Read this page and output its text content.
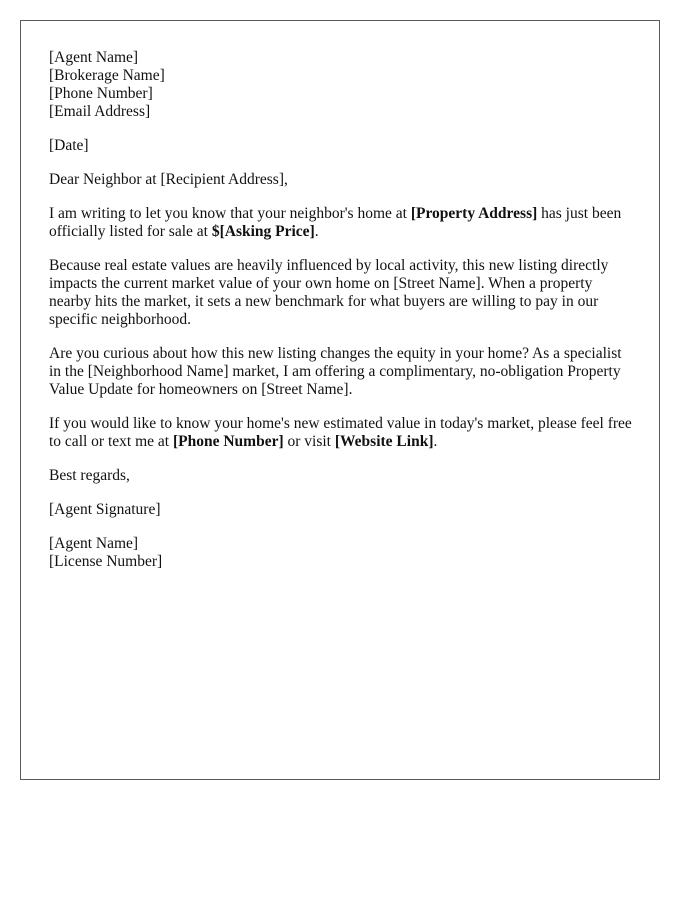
[Agent Name]
[Brokerage Name]
[Phone Number]
[Email Address]

[Date]

Dear Neighbor at [Recipient Address],

I am writing to let you know that your neighbor's home at [Property Address] has just been officially listed for sale at $[Asking Price].

Because real estate values are heavily influenced by local activity, this new listing directly impacts the current market value of your own home on [Street Name]. When a property nearby hits the market, it sets a new benchmark for what buyers are willing to pay in our specific neighborhood.

Are you curious about how this new listing changes the equity in your home? As a specialist in the [Neighborhood Name] market, I am offering a complimentary, no-obligation Property Value Update for homeowners on [Street Name].

If you would like to know your home's new estimated value in today's market, please feel free to call or text me at [Phone Number] or visit [Website Link].

Best regards,

[Agent Signature]

[Agent Name]
[License Number]
